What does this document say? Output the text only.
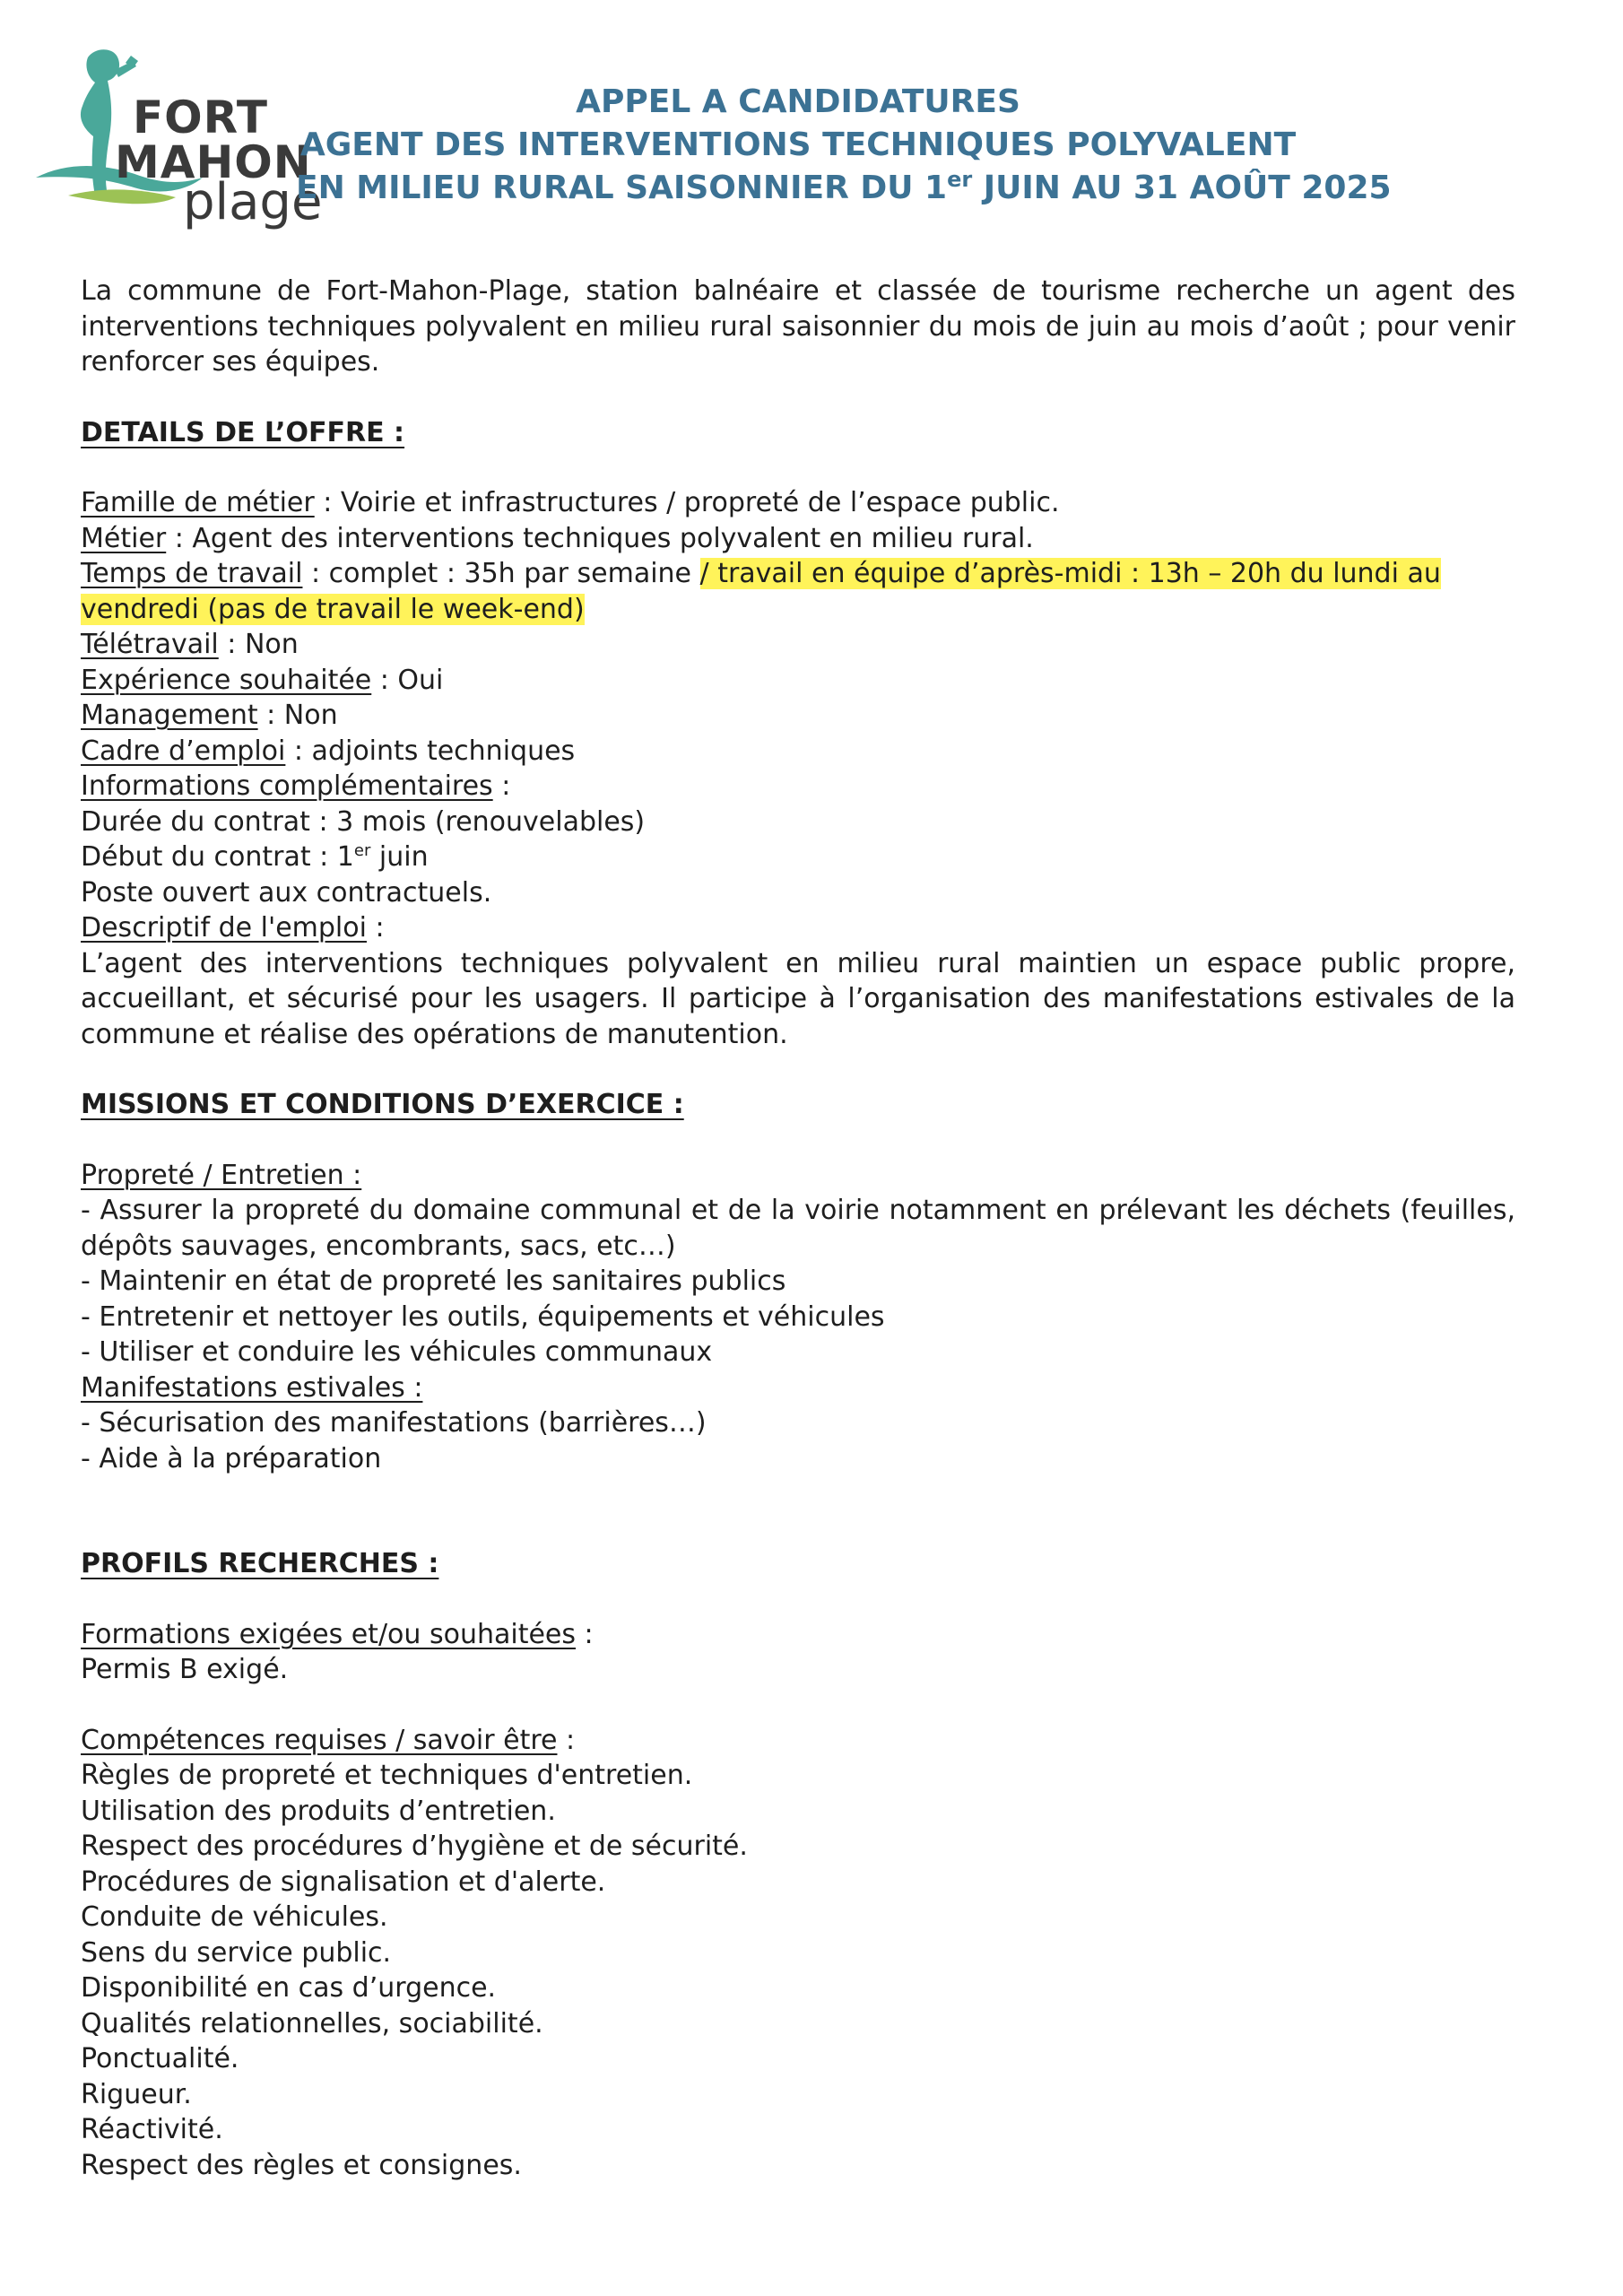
FORT
MAHON
plage
APPEL A CANDIDATURES
AGENT DES INTERVENTIONS TECHNIQUES POLYVALENT
EN MILIEU RURAL SAISONNIER DU 1er JUIN AU 31 AOÛT 2025

La commune de Fort-Mahon-Plage, station balnéaire et classée de tourisme recherche un agent des interventions techniques polyvalent en milieu rural saisonnier du mois de juin au mois d’août ; pour venir renforcer ses équipes.

DETAILS DE L’OFFRE :

Famille de métier : Voirie et infrastructures / propreté de l’espace public.

Métier : Agent des interventions techniques polyvalent en milieu rural.

Temps de travail : complet : 35h par semaine / travail en équipe d’après-midi : 13h – 20h du lundi au vendredi (pas de travail le week-end)

Télétravail : Non

Expérience souhaitée : Oui

Management : Non

Cadre d’emploi : adjoints techniques

Informations complémentaires :

Durée du contrat : 3 mois (renouvelables)

Début du contrat : 1er juin

Poste ouvert aux contractuels.

Descriptif de l'emploi :

L’agent des interventions techniques polyvalent en milieu rural maintien un espace public propre, accueillant, et sécurisé pour les usagers. Il participe à l’organisation des manifestations estivales de la commune et réalise des opérations de manutention.

MISSIONS ET CONDITIONS D’EXERCICE :

Propreté / Entretien :

- Assurer la propreté du domaine communal et de la voirie notamment en prélevant les déchets (feuilles, dépôts sauvages, encombrants, sacs, etc…)

- Maintenir en état de propreté les sanitaires publics

- Entretenir et nettoyer les outils, équipements et véhicules

- Utiliser et conduire les véhicules communaux

Manifestations estivales :

- Sécurisation des manifestations (barrières…)

- Aide à la préparation

PROFILS RECHERCHES :

Formations exigées et/ou souhaitées :

Permis B exigé.

Compétences requises / savoir être :

Règles de propreté et techniques d'entretien.

Utilisation des produits d’entretien.

Respect des procédures d’hygiène et de sécurité.

Procédures de signalisation et d'alerte.

Conduite de véhicules.

Sens du service public.

Disponibilité en cas d’urgence.

Qualités relationnelles, sociabilité.

Ponctualité.

Rigueur.

Réactivité.

Respect des règles et consignes.
